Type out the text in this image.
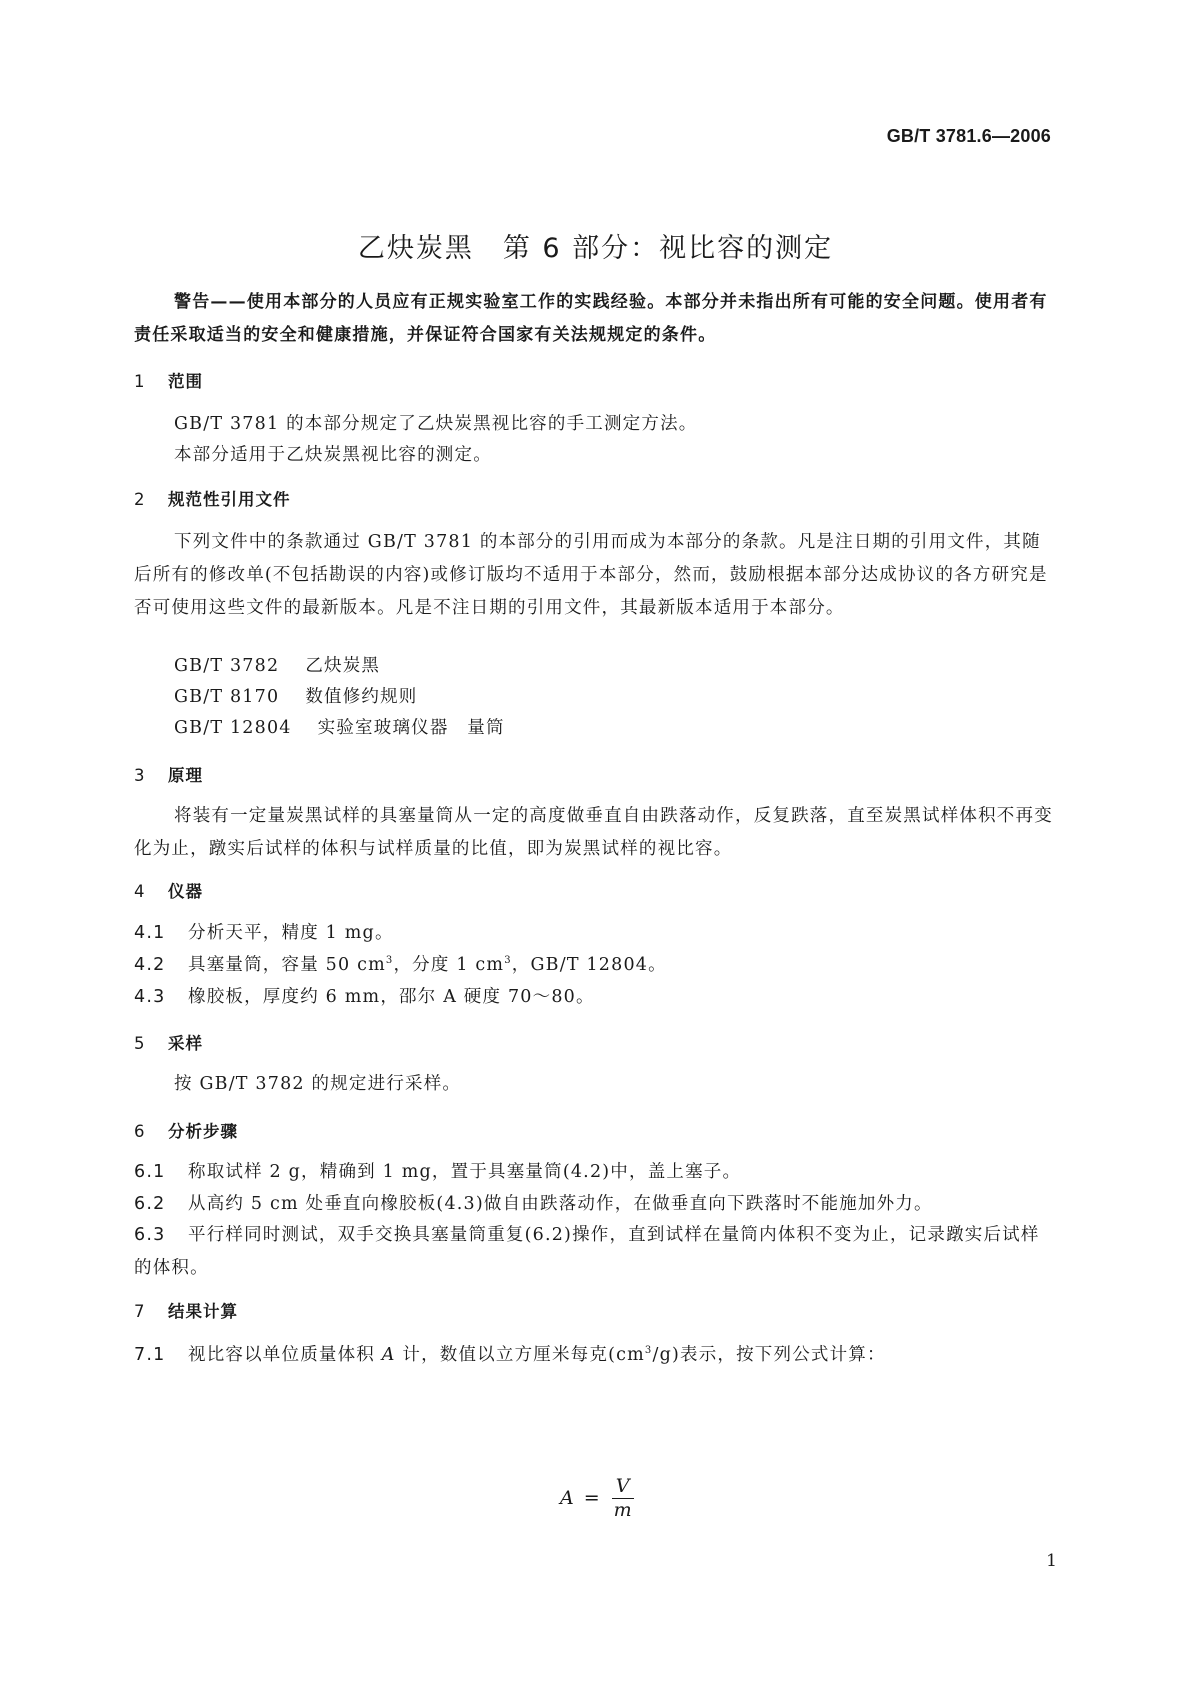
GB/T 3781.6—2006
乙炔炭黑　第 6 部分：视比容的测定

警告——使用本部分的人员应有正规实验室工作的实践经验。本部分并未指出所有可能的安全问题。使用者有责任采取适当的安全和健康措施，并保证符合国家有关法规规定的条件。

1 范围
GB/T 3781 的本部分规定了乙炔炭黑视比容的手工测定方法。
本部分适用于乙炔炭黑视比容的测定。
2 规范性引用文件

下列文件中的条款通过 GB/T 3781 的本部分的引用而成为本部分的条款。凡是注日期的引用文件，其随后所有的修改单(不包括勘误的内容)或修订版均不适用于本部分，然而，鼓励根据本部分达成协议的各方研究是否可使用这些文件的最新版本。凡是不注日期的引用文件，其最新版本适用于本部分。

GB/T 3782 乙炔炭黑
GB/T 8170 数值修约规则
GB/T 12804 实验室玻璃仪器　量筒
3 原理

将装有一定量炭黑试样的具塞量筒从一定的高度做垂直自由跌落动作，反复跌落，直至炭黑试样体积不再变化为止，蹾实后试样的体积与试样质量的比值，即为炭黑试样的视比容。

4 仪器
4.1 分析天平，精度 1 mg。
4.2 具塞量筒，容量 50 $cm^3$，分度 1 $cm^3$，GB/T 12804。
4.3 橡胶板，厚度约 6 mm，邵尔 A 硬度 70～80。
5 采样
按 GB/T 3782 的规定进行采样。
6 分析步骤
6.1 称取试样 2 g，精确到 1 mg，置于具塞量筒(4.2)中，盖上塞子。
6.2 从高约 5 cm 处垂直向橡胶板(4.3)做自由跌落动作，在做垂直向下跌落时不能施加外力。

6.3 平行样同时测试，双手交换具塞量筒重复(6.2)操作，直到试样在量筒内体积不变为止，记录蹾实后试样的体积。

7 结果计算
7.1 视比容以单位质量体积 A 计，数值以立方厘米每克$(cm^3/g)$表示，按下列公式计算：
$A = \frac{V}{m}$
1
